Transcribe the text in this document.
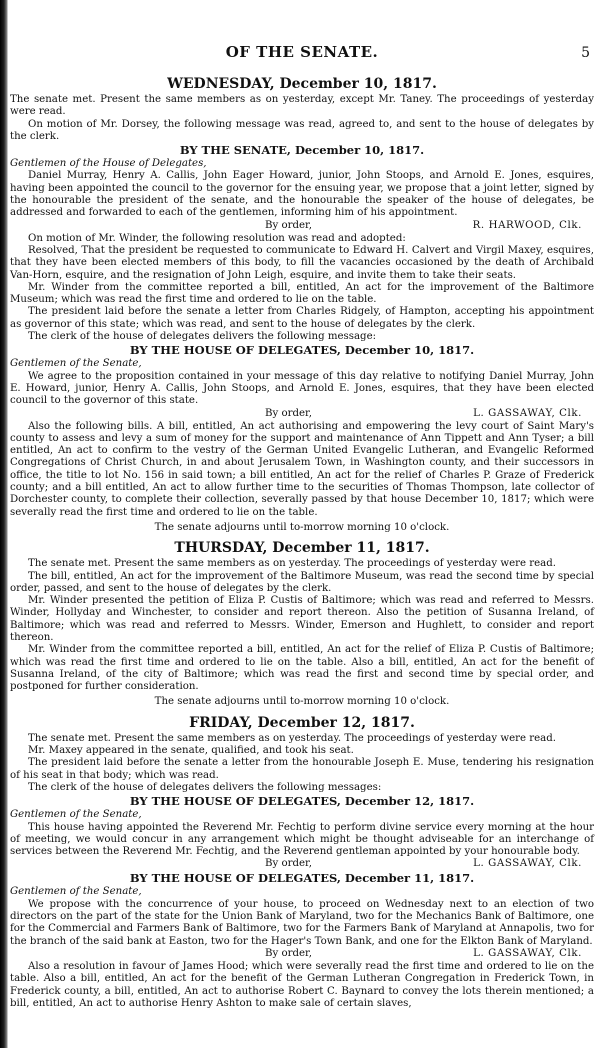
OF THE SENATE.	5
WEDNESDAY, December 10, 1817.

The senate met. Present the same members as on yesterday, except Mr. Taney. The proceedings of yesterday were read.

On motion of Mr. Dorsey, the following message was read, agreed to, and sent to the house of delegates by the clerk.

BY THE SENATE, December 10, 1817.

Gentlemen of the House of Delegates,

Daniel Murray, Henry A. Callis, John Eager Howard, junior, John Stoops, and Arnold E. Jones, esquires, having been appointed the council to the governor for the ensuing year, we propose that a joint letter, signed by the honourable the president of the senate, and the honourable the speaker of the house of delegates, be addressed and forwarded to each of the gentlemen, informing him of his appointment.

By order,	R. HARWOOD, Clk.

On motion of Mr. Winder, the following resolution was read and adopted:

Resolved, That the president be requested to communicate to Edward H. Calvert and Virgil Maxey, esquires, that they have been elected members of this body, to fill the vacancies occasioned by the death of Archibald Van-Horn, esquire, and the resignation of John Leigh, esquire, and invite them to take their seats.

Mr. Winder from the committee reported a bill, entitled, An act for the improvement of the Baltimore Museum; which was read the first time and ordered to lie on the table.

The president laid before the senate a letter from Charles Ridgely, of Hampton, accepting his appointment as governor of this state; which was read, and sent to the house of delegates by the clerk.

The clerk of the house of delegates delivers the following message:

BY THE HOUSE OF DELEGATES, December 10, 1817.

Gentlemen of the Senate,

We agree to the proposition contained in your message of this day relative to notifying Daniel Murray, John E. Howard, junior, Henry A. Callis, John Stoops, and Arnold E. Jones, esquires, that they have been elected council to the governor of this state.

By order,	L. GASSAWAY, Clk.

Also the following bills. A bill, entitled, An act authorising and empowering the levy court of Saint Mary's county to assess and levy a sum of money for the support and maintenance of Ann Tippett and Ann Tyser; a bill entitled, An act to confirm to the vestry of the German United Evangelic Lutheran, and Evangelic Reformed Congregations of Christ Church, in and about Jerusalem Town, in Washington county, and their successors in office, the title to lot No. 156 in said town; a bill entitled, An act for the relief of Charles P. Graze of Frederick county; and a bill entitled, An act to allow further time to the securities of Thomas Thompson, late collector of Dorchester county, to complete their collection, severally passed by that house December 10, 1817; which were severally read the first time and ordered to lie on the table.

The senate adjourns until to-morrow morning 10 o'clock.

THURSDAY, December 11, 1817.

The senate met. Present the same members as on yesterday. The proceedings of yesterday were read.

The bill, entitled, An act for the improvement of the Baltimore Museum, was read the second time by special order, passed, and sent to the house of delegates by the clerk.

Mr. Winder presented the petition of Eliza P. Custis of Baltimore; which was read and referred to Messrs. Winder, Hollyday and Winchester, to consider and report thereon. Also the petition of Susanna Ireland, of Baltimore; which was read and referred to Messrs. Winder, Emerson and Hughlett, to consider and report thereon.

Mr. Winder from the committee reported a bill, entitled, An act for the relief of Eliza P. Custis of Baltimore; which was read the first time and ordered to lie on the table. Also a bill, entitled, An act for the benefit of Susanna Ireland, of the city of Baltimore; which was read the first and second time by special order, and postponed for further consideration.

The senate adjourns until to-morrow morning 10 o'clock.

FRIDAY, December 12, 1817.

The senate met. Present the same members as on yesterday. The proceedings of yesterday were read.

Mr. Maxey appeared in the senate, qualified, and took his seat.

The president laid before the senate a letter from the honourable Joseph E. Muse, tendering his resignation of his seat in that body; which was read.

The clerk of the house of delegates delivers the following messages:

BY THE HOUSE OF DELEGATES, December 12, 1817.

Gentlemen of the Senate,

This house having appointed the Reverend Mr. Fechtig to perform divine service every morning at the hour of meeting, we would concur in any arrangement which might be thought adviseable for an interchange of services between the Reverend Mr. Fechtig, and the Reverend gentleman appointed by your honourable body.

By order,	L. GASSAWAY, Clk.
BY THE HOUSE OF DELEGATES, December 11, 1817.

Gentlemen of the Senate,

We propose with the concurrence of your house, to proceed on Wednesday next to an election of two directors on the part of the state for the Union Bank of Maryland, two for the Mechanics Bank of Baltimore, one for the Commercial and Farmers Bank of Baltimore, two for the Farmers Bank of Maryland at Annapolis, two for the branch of the said bank at Easton, two for the Hager's Town Bank, and one for the Elkton Bank of Maryland.

By order,	L. GASSAWAY, Clk.

Also a resolution in favour of James Hood; which were severally read the first time and ordered to lie on the table. Also a bill, entitled, An act for the benefit of the German Lutheran Congregation in Frederick Town, in Frederick county, a bill, entitled, An act to authorise Robert C. Baynard to convey the lots therein mentioned; a bill, entitled, An act to authorise Henry Ashton to make sale of certain slaves,
